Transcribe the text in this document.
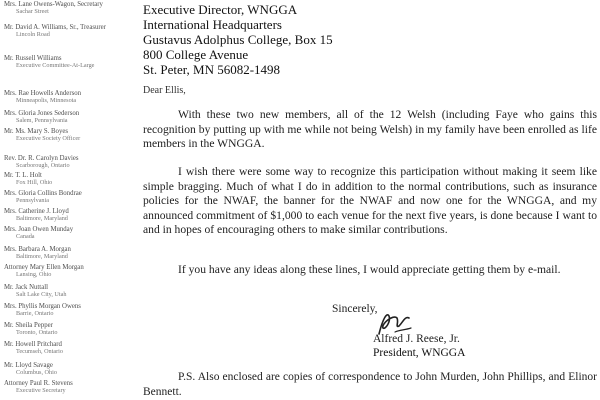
Mrs. Lane Owens-Wagon, Secretary
Sachar Street
Mr. David A. Williams, Sr., Treasurer
Lincoln Road
Mr. Russell Williams
Executive Committee-At-Large
Mrs. Rae Howells Anderson
Minneapolis, Minnesota
Mrs. Gloria Jones Sederson
Salem, Pennsylvania
Mr. Ms. Mary S. Boyes
Executive Society Officer
Rev. Dr. R. Carolyn Davies
Scarborough, Ontario
Mr. T. L. Holt
Fox Hill, Ohio
Mrs. Gloria Collins Bondrae
Pennsylvania
Mrs. Catherine J. Lloyd
Baltimore, Maryland
Mrs. Joan Owen Munday
Canada
Mrs. Barbara A. Morgan
Baltimore, Maryland
Attorney Mary Ellen Morgan
Lansing, Ohio
Mr. Jack Nuttall
Salt Lake City, Utah
Mrs. Phyllis Morgan Owens
Barrie, Ontario
Mr. Sheila Pepper
Toronto, Ontario
Mr. Howell Pritchard
Tecumseh, Ontario
Mr. Lloyd Savage
Columbus, Ohio
Attorney Paul R. Stevens
Executive Secretary
Executive Director, WNGGA
International Headquarters
Gustavus Adolphus College, Box 15
800 College Avenue
St. Peter, MN 56082-1498
Dear Ellis,

With these two new members, all of the 12 Welsh (including Faye who gains this recognition by putting up with me while not being Welsh) in my family have been enrolled as life members in the WNGGA.

I wish there were some way to recognize this participation without making it seem like simple bragging. Much of what I do in addition to the normal contributions, such as insurance policies for the NWAF, the banner for the NWAF and now one for the WNGGA, and my announced commitment of $1,000 to each venue for the next five years, is done because I want to and in hopes of encouraging others to make similar contributions.

If you have any ideas along these lines, I would appreciate getting them by e-mail.

Sincerely,
Alfred J. Reese, Jr.
President, WNGGA

P.S. Also enclosed are copies of correspondence to John Murden, John Phillips, and Elinor Bennett.
